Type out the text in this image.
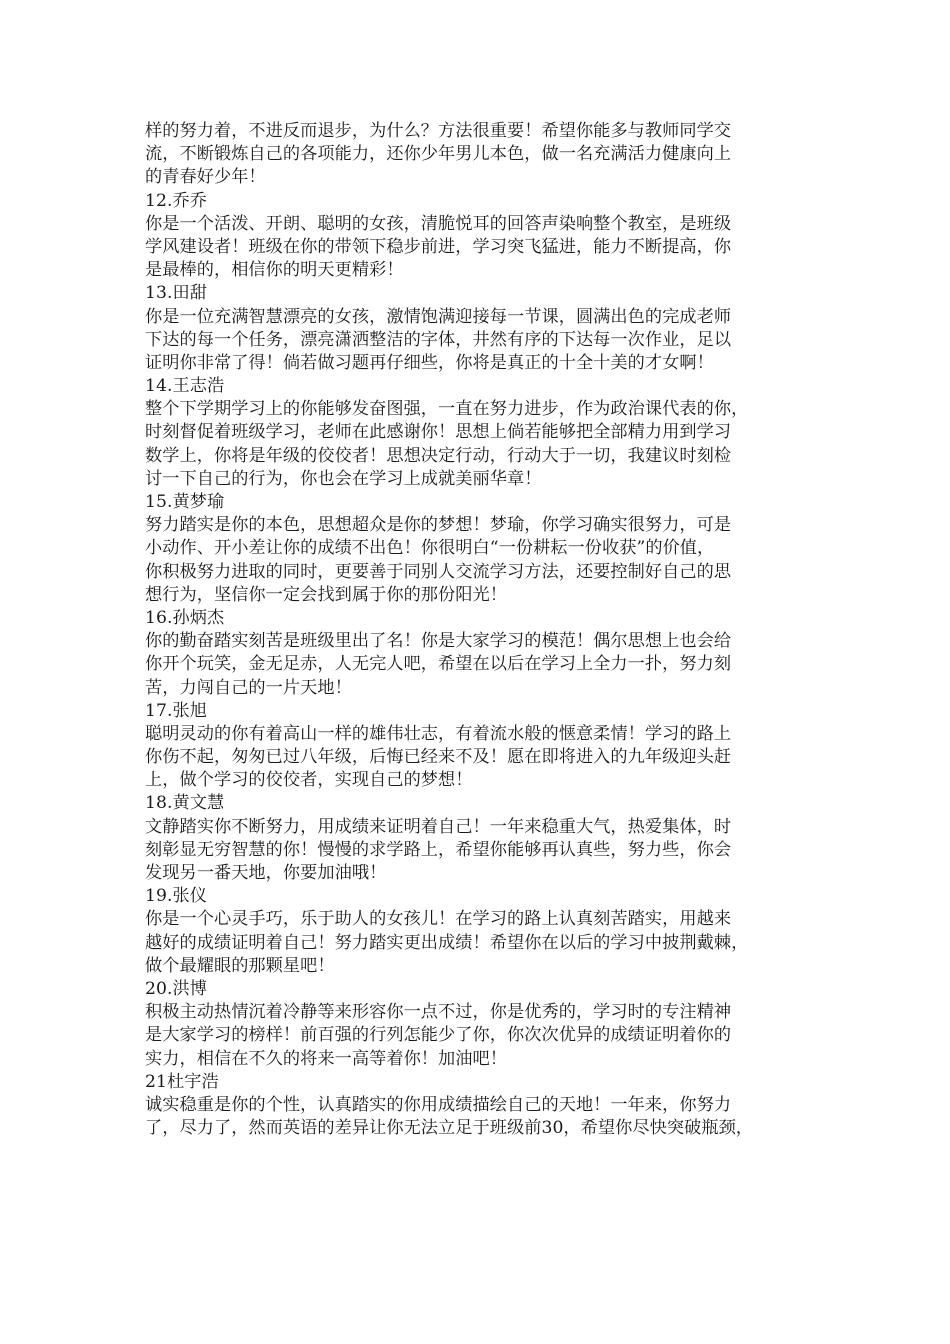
样的努力着，不进反而退步，为什么？方法很重要！希望你能多与教师同学交
流，不断锻炼自己的各项能力，还你少年男儿本色，做一名充满活力健康向上
的青春好少年！
12.乔乔
你是一个活泼、开朗、聪明的女孩，清脆悦耳的回答声染响整个教室，是班级
学风建设者！班级在你的带领下稳步前进，学习突飞猛进，能力不断提高，你
是最棒的，相信你的明天更精彩！
13.田甜
你是一位充满智慧漂亮的女孩，激情饱满迎接每一节课，圆满出色的完成老师
下达的每一个任务，漂亮潇洒整洁的字体，井然有序的下达每一次作业，足以
证明你非常了得！倘若做习题再仔细些，你将是真正的十全十美的才女啊！
14.王志浩
整个下学期学习上的你能够发奋图强，一直在努力进步，作为政治课代表的你，
时刻督促着班级学习，老师在此感谢你！思想上倘若能够把全部精力用到学习
数学上，你将是年级的佼佼者！思想决定行动，行动大于一切，我建议时刻检
讨一下自己的行为，你也会在学习上成就美丽华章！
15.黄梦瑜
努力踏实是你的本色，思想超众是你的梦想！梦瑜，你学习确实很努力，可是
小动作、开小差让你的成绩不出色！你很明白“一份耕耘一份收获”的价值，
你积极努力进取的同时，更要善于同别人交流学习方法，还要控制好自己的思
想行为，坚信你一定会找到属于你的那份阳光！
16.孙炳杰
你的勤奋踏实刻苦是班级里出了名！你是大家学习的模范！偶尔思想上也会给
你开个玩笑，金无足赤，人无完人吧，希望在以后在学习上全力一扑，努力刻
苦，力闯自己的一片天地！
17.张旭
聪明灵动的你有着高山一样的雄伟壮志，有着流水般的惬意柔情！学习的路上
你伤不起，匆匆已过八年级，后悔已经来不及！愿在即将进入的九年级迎头赶
上，做个学习的佼佼者，实现自己的梦想！
18.黄文慧
文静踏实你不断努力，用成绩来证明着自己！一年来稳重大气，热爱集体，时
刻彰显无穷智慧的你！慢慢的求学路上，希望你能够再认真些，努力些，你会
发现另一番天地，你要加油哦！
19.张仪
你是一个心灵手巧，乐于助人的女孩儿！在学习的路上认真刻苦踏实，用越来
越好的成绩证明着自己！努力踏实更出成绩！希望你在以后的学习中披荆戴棘，
做个最耀眼的那颗星吧！
20.洪博
积极主动热情沉着冷静等来形容你一点不过，你是优秀的，学习时的专注精神
是大家学习的榜样！前百强的行列怎能少了你，你次次优异的成绩证明着你的
实力，相信在不久的将来一高等着你！加油吧！
21杜宇浩
诚实稳重是你的个性，认真踏实的你用成绩描绘自己的天地！一年来，你努力
了，尽力了，然而英语的差异让你无法立足于班级前30，希望你尽快突破瓶颈，
